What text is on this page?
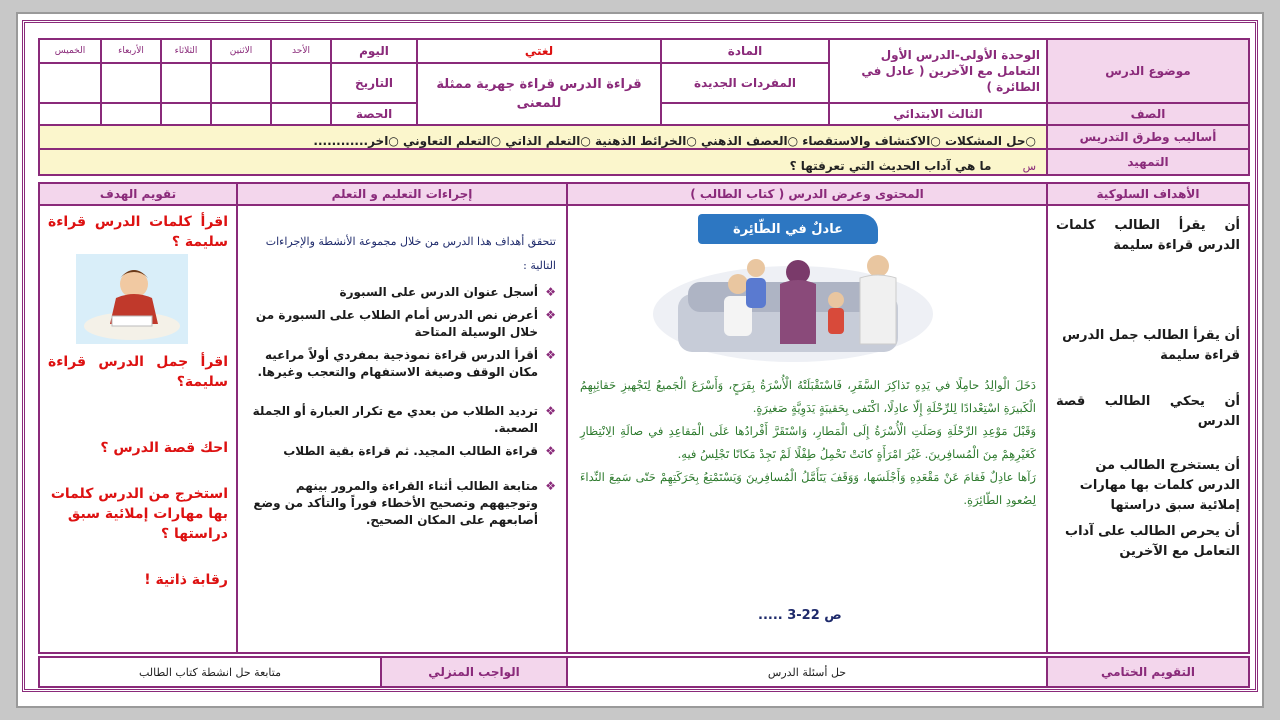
موضوع الدرس
الوحدة الأولى-الدرس الأول التعامل مع الآخرين ( عادل في الطائرة )
المادة
المفردات الجديدة
لغتي
قراءة الدرس قراءة جهرية ممثلة للمعنى
اليوم
التاريخ
الحصة
الأحد
الاثنين
الثلاثاء
الأربعاء
الخميس
الصف
الثالث الابتدائي
أساليب وطرق التدريس
○حل المشكلات ○الاكتشاف والاستقصاء ○العصف الذهني ○الخرائط الذهنية ○التعلم الذاتي ○التعلم التعاوني ○اخر............
التمهيد
س ما هي آداب الحديث التي تعرفتها ؟
الأهداف السلوكية
المحتوى وعرض الدرس ( كتاب الطالب )
إجراءات التعليم و التعلم
تقويم الهدف
أن يقرأ الطالب كلمات الدرس قراءة سليمة
أن يقرأ الطالب جمل الدرس قراءة سليمة
أن يحكي الطالب قصة الدرس
أن يستخرج الطالب من الدرس كلمات بها مهارات إملائية سبق دراستها
أن يحرص الطالب على آداب التعامل مع الآخرين
عادلٌ في الطّائِرة
دَخَلَ الْوالِدُ حامِلًا في يَدِهِ تَذاكِرَ السَّفَرِ، فَاسْتَقْبَلَتْهُ الْأُسْرَةُ بِفَرَحٍ، وَأَسْرَعَ الْجَميعُ لِتَجْهيزِ حَقائِبِهِمُ الْكَبيرَةِ اسْتِعْدادًا لِلرِّحْلَةِ إِلّا عادِلًا، اكْتَفى بِحَقيبَةٍ يَدَوِيَّةٍ صَغيرَةٍ.
وَقَبْلَ مَوْعِدِ الرِّحْلَةِ وَصَلَتِ الْأُسْرَةُ إِلَى الْمَطارِ، وَاسْتَقَرَّ أَفْرادُها عَلَى الْمَقاعِدِ في صالَةِ الِانْتِظارِ كَغَيْرِهِمْ مِنَ الْمُسافِرينَ. غَيْرَ امْرَأَةٍ كانَتْ تَحْمِلُ طِفْلًا لَمْ تَجِدْ مَكانًا تَجْلِسُ فيهِ.
رَآها عادِلٌ فَقامَ عَنْ مَقْعَدِهِ وَأَجْلَسَها، وَوَقَفَ يَتَأَمَّلُ الْمُسافِرينَ وَيَسْتَمْتِعُ بِحَرَكَتِهِمْ حَتّى سَمِعَ النِّداءَ لِصُعودِ الطّائِرَةِ.
ص 22-3 .....
تتحقق أهداف هذا الدرس من خلال مجموعة الأنشطة والإجراءات التالية :
❖ أسجل عنوان الدرس على السبورة
❖ أعرض نص الدرس أمام الطلاب على السبورة من خلال الوسيلة المتاحة
❖ أقرأ الدرس قراءة نموذجية بمفردي أولاً مراعيه مكان الوقف وصيغة الاستفهام والتعجب وغيرها.
❖ ترديد الطلاب من بعدي مع تكرار العبارة أو الجملة الصعبة.
❖ قراءة الطالب المجيد. ثم قراءة بقية الطلاب
❖ متابعة الطالب أثناء القراءة والمرور بينهم وتوجيههم وتصحيح الأخطاء فوراً والتأكد من وضع أصابعهم على المكان الصحيح.
اقرأ كلمات الدرس قراءة سليمة ؟
اقرأ جمل الدرس قراءة سليمة؟
احك قصة الدرس ؟
استخرج من الدرس كلمات بها مهارات إملائية سبق دراستها ؟
رقابة ذاتية !
التقويم الختامي
حل أسئلة الدرس
الواجب المنزلي
متابعة حل انشطة كتاب الطالب
